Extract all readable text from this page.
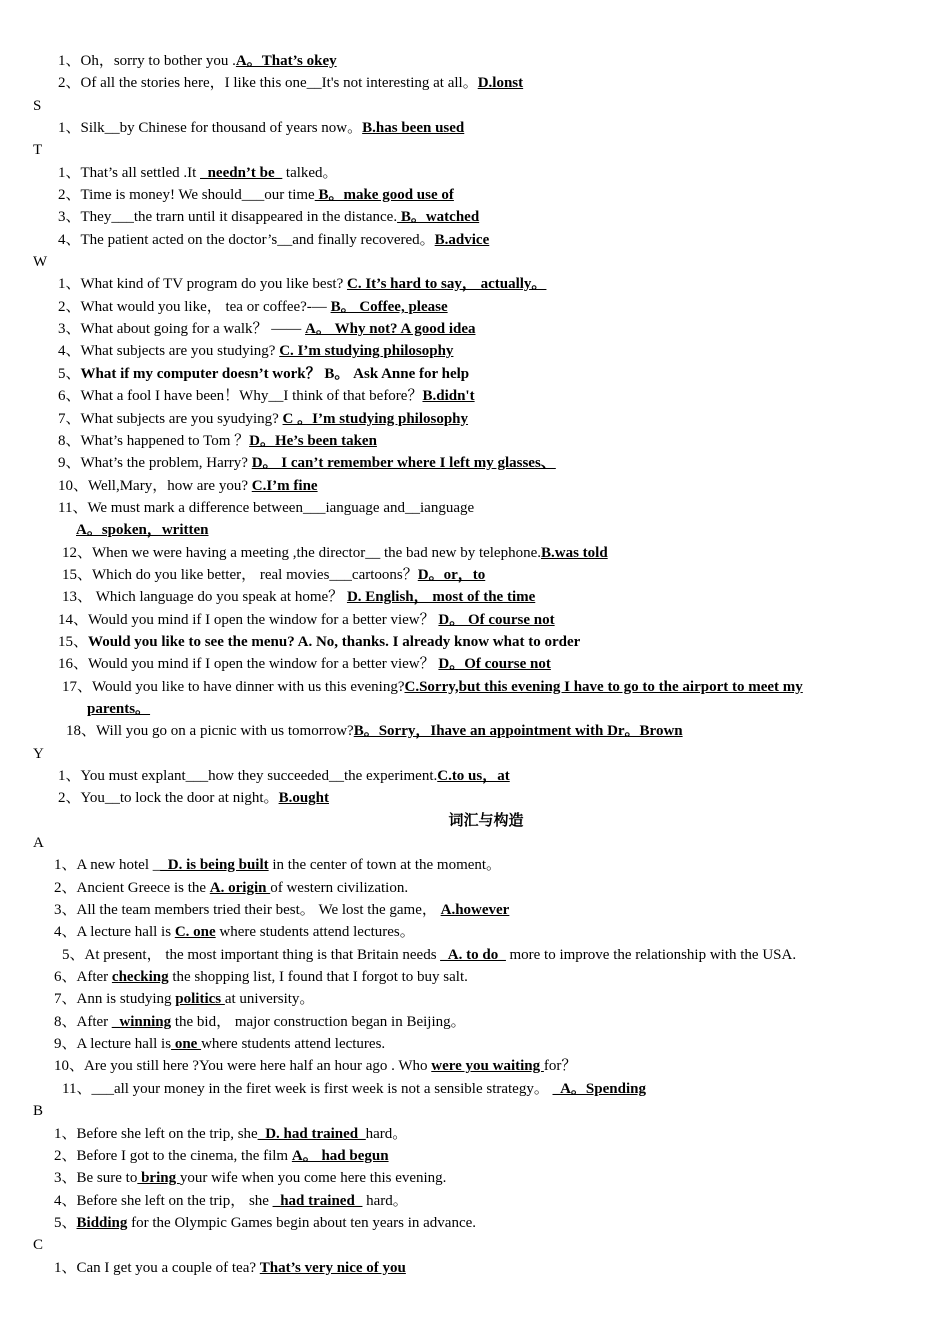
1、Oh，sorry to bother you .A。That’s okey
2、Of all the stories here，I like this one__It's not interesting at all。D.lonst
S
1、Silk__by Chinese for thousand of years now。B.has been used
T
1、That’s all settled .It _needn’t be_ talked。
2、Time is money! We should___our time B。make good use of
3、They___the trarn until it disappeared in the distance. B。watched
4、The patient acted on the doctor’s__and finally recovered。B.advice
W
1、What kind of TV program do you like best? C. It’s hard to say， actually。
2、What would you like， tea or coffee?-— B。 Coffee, please
3、What about going for a walk？ —— A。 Why not? A good idea
4、What subjects are you studying? C. I’m studying philosophy
5、What if my computer doesn’t work？ B。 Ask Anne for help
6、What a fool I have been！Why__I think of that before？B.didn't
7、What subjects are you syudying? C 。I’m studying philosophy
8、What’s happened to Tom ？D。He’s been taken
9、What’s the problem, Harry? D。 I can’t remember where I left my glasses、
10、Well,Mary，how are you? C.I’m fine
11、We must mark a difference between___ianguage and__ianguage
A。spoken，written
12、When we were having a meeting ,the director__ the bad new by telephone.B.was told
15、Which do you like better， real movies___cartoons？D。or，to
13、 Which language do you speak at home？ D. English， most of the time
14、Would you mind if I open the window for a better view？ D。 Of course not
15、Would you like to see the menu? A. No, thanks. I already know what to order
16、Would you mind if I open the window for a better view？ D。Of course not
17、Would you like to have dinner with us this evening?C.Sorry,but this evening I have to go to the airport to meet my
parents。
18、Will you go on a picnic with us tomorrow?B。Sorry，Ihave an appointment with Dr。Brown
Y
1、You must explant___how they succeeded__the experiment.C.to us，at
2、You__to lock the door at night。B.ought
词汇与构造
A
1、A new hotel __D. is being built in the center of town at the moment。
2、Ancient Greece is the A. origin of western civilization.
3、All the team members tried their best。 We lost the game， A.however
4、A lecture hall is C. one where students attend lectures。
5、At present， the most important thing is that Britain needs _A. to do_ more to improve the relationship with the USA.
6、After checking the shopping list, I found that I forgot to buy salt.
7、Ann is studying politics at university。
8、After _winning the bid， major construction began in Beijing。
9、A lecture hall is one where students attend lectures.
10、Are you still here ?You were here half an hour ago . Who were you waiting for？
11、___all your money in the firet week is first week is not a sensible strategy。 _A。Spending
B
1、Before she left on the trip, she_D. had trained_hard。
2、Before I got to the cinema, the film A。 had begun
3、Be sure to bring your wife when you come here this evening.
4、Before she left on the trip， she _had trained_ hard。
5、Bidding for the Olympic Games begin about ten years in advance.
C
1、Can I get you a couple of tea? That’s very nice of you
